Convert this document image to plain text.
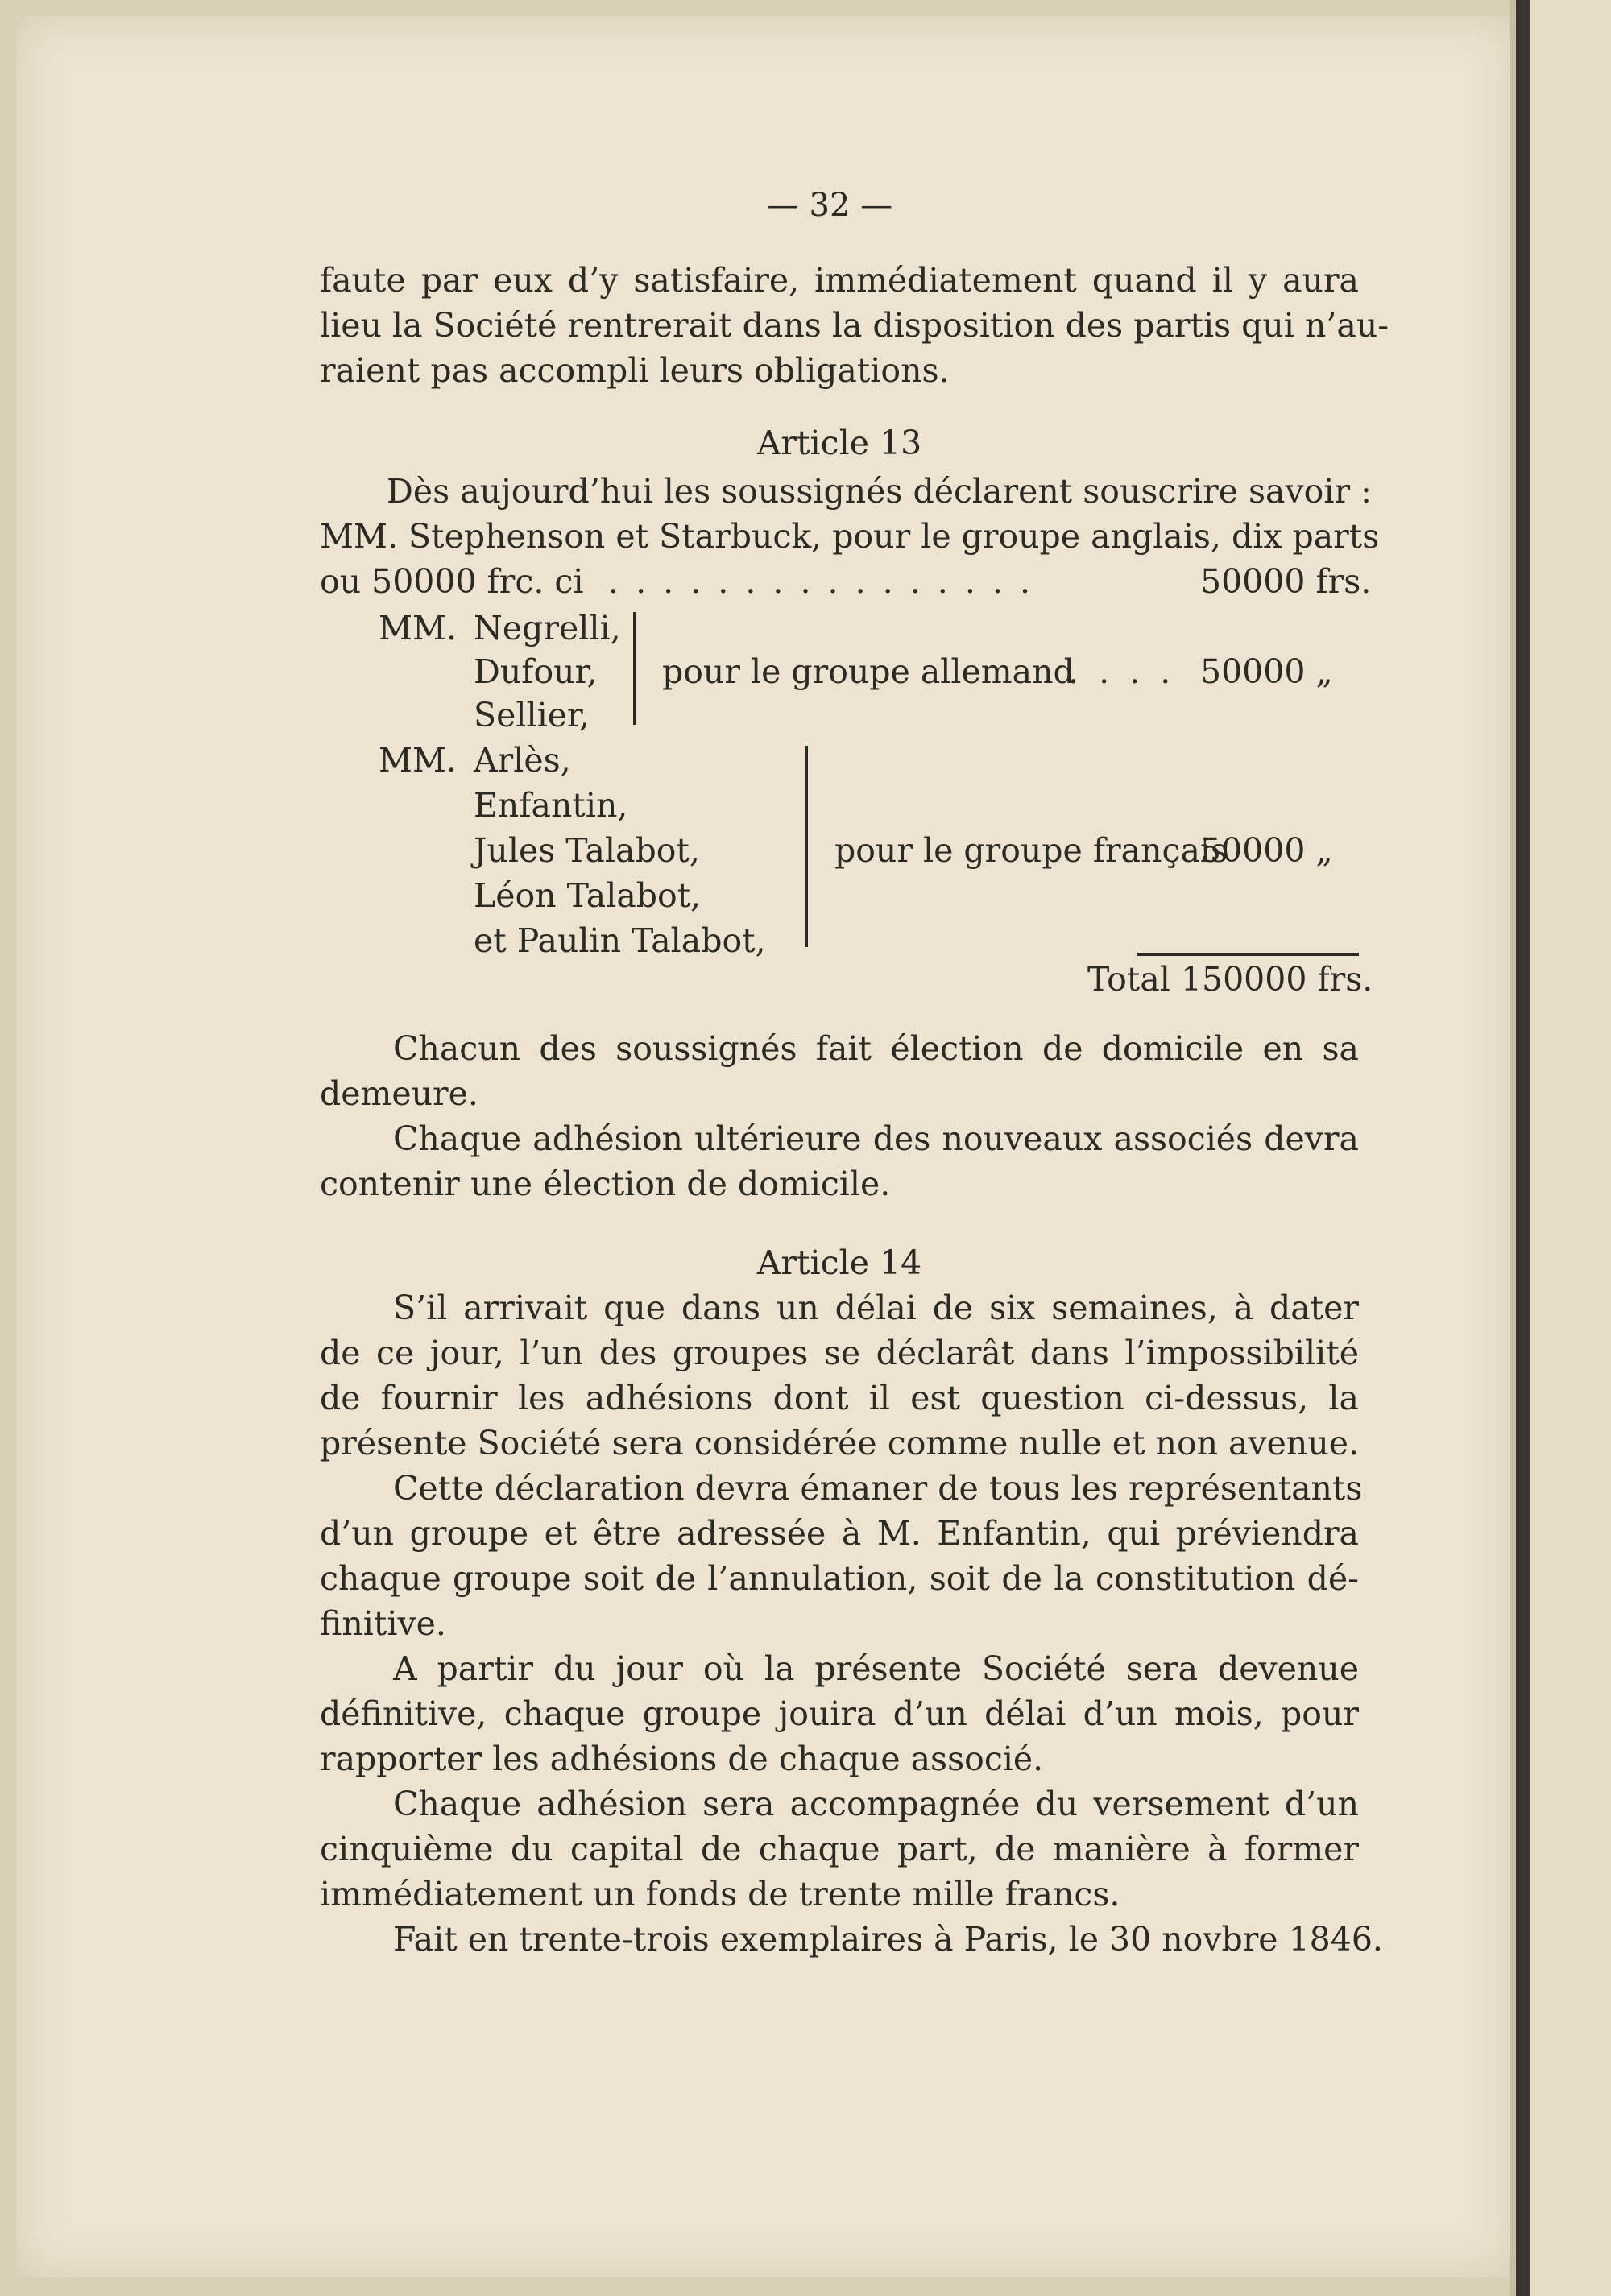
— 32 —
faute par eux d’y satisfaire, immédiatement quand il y aura
lieu la Société rentrerait dans la disposition des partis qui n’au-
raient pas accompli leurs obligations.
Article 13
Dès aujourd’hui les soussignés déclarent souscrire savoir :
MM. Stephenson et Starbuck, pour le groupe anglais, dix parts
ou 50000 frc. ci . . . . . . . . . . . . . . . .	50000 frs.
MM. Negrelli,
Dufour,
Sellier,
pour le groupe allemand
. . . . 50000 „
MM. Arlès,
Enfantin,
Jules Talabot,
Léon Talabot,
et Paulin Talabot,
pour le groupe français
50000 „
Total 150000 frs.
Chacun des soussignés fait élection de domicile en sa
demeure.
Chaque adhésion ultérieure des nouveaux associés devra
contenir une élection de domicile.
Article 14
S’il arrivait que dans un délai de six semaines, à dater
de ce jour, l’un des groupes se déclarât dans l’impossibilité
de fournir les adhésions dont il est question ci-dessus, la
présente Société sera considérée comme nulle et non avenue.
Cette déclaration devra émaner de tous les représentants
d’un groupe et être adressée à M. Enfantin, qui préviendra
chaque groupe soit de l’annulation, soit de la constitution dé-
finitive.
A partir du jour où la présente Société sera devenue
définitive, chaque groupe jouira d’un délai d’un mois, pour
rapporter les adhésions de chaque associé.
Chaque adhésion sera accompagnée du versement d’un
cinquième du capital de chaque part, de manière à former
immédiatement un fonds de trente mille francs.
Fait en trente-trois exemplaires à Paris, le 30 novbre 1846.
